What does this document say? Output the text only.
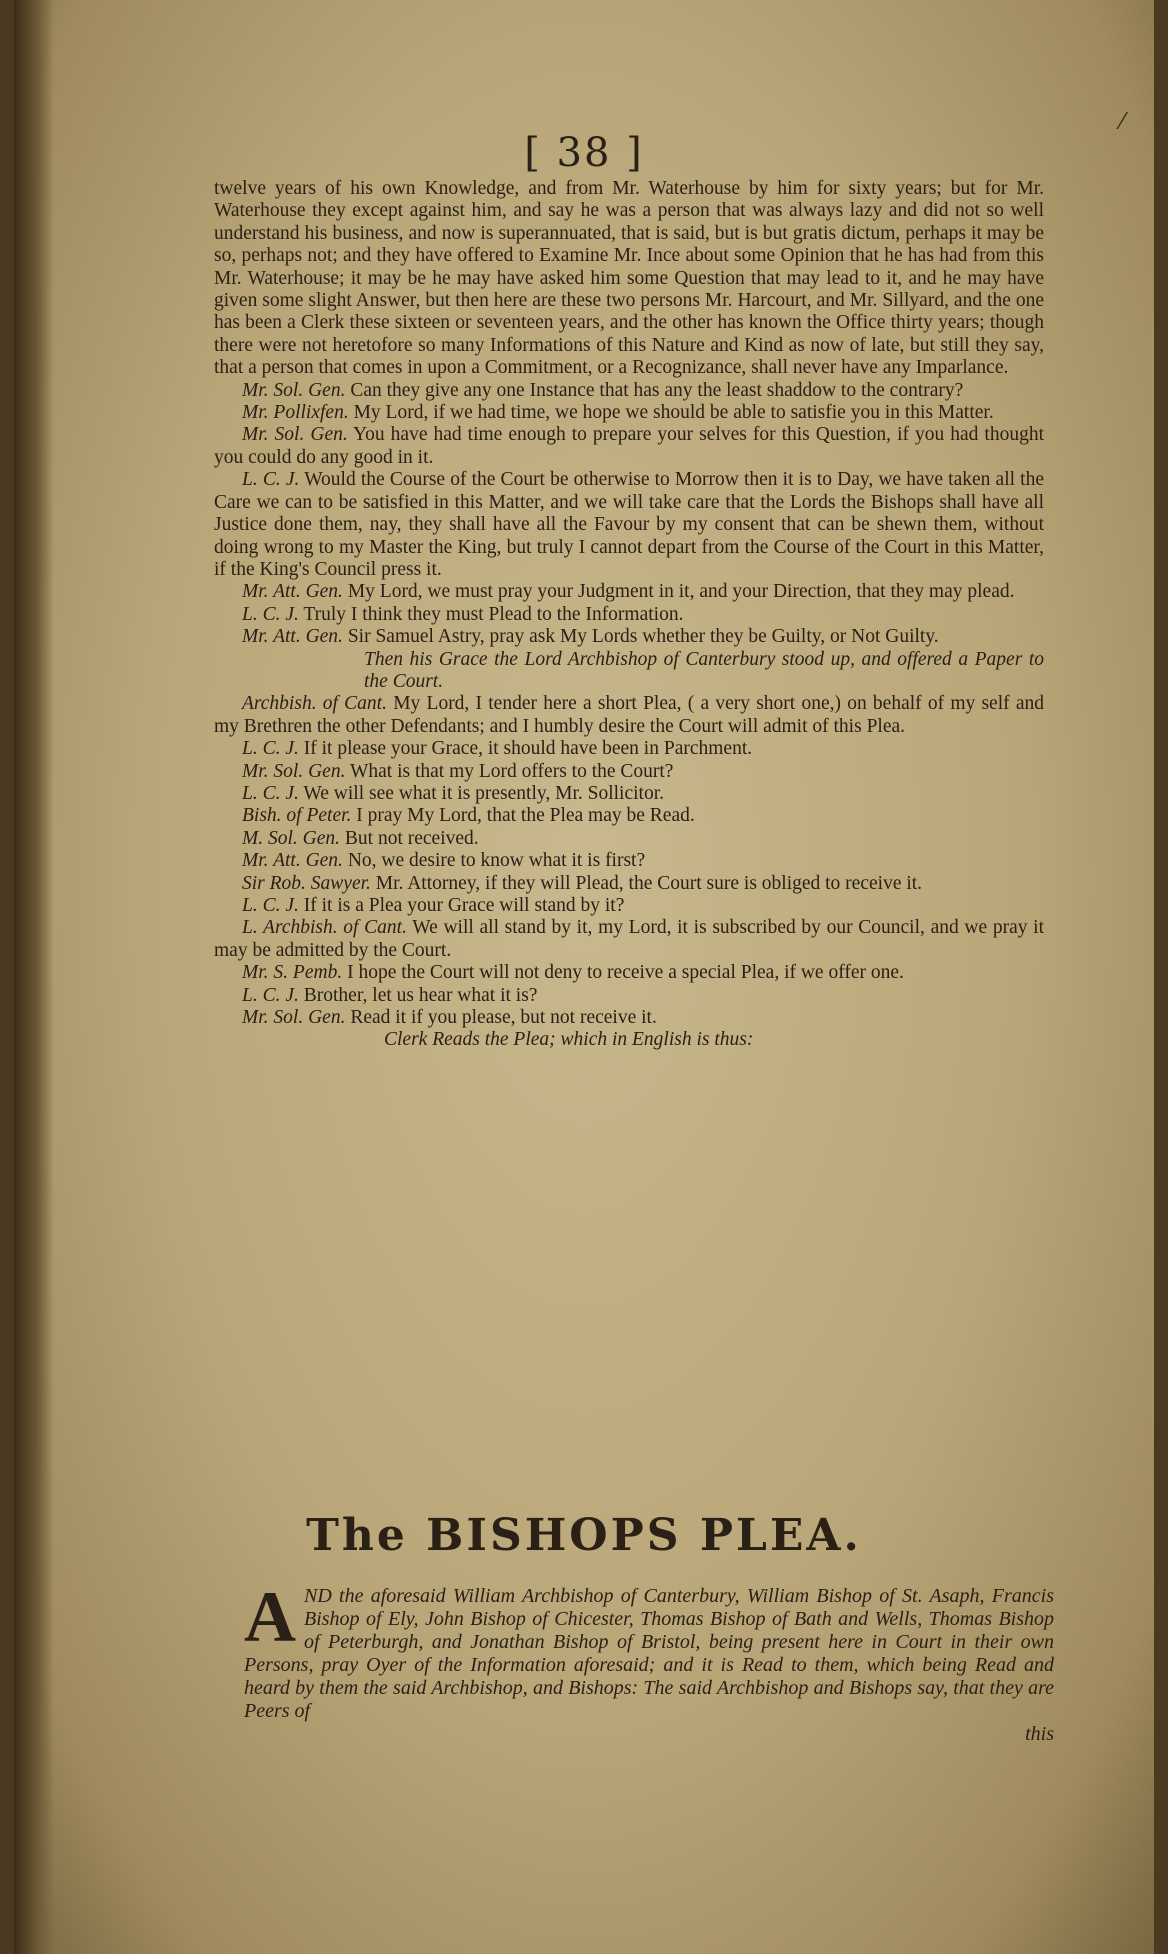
⁄
[ 38 ]

twelve years of his own Knowledge, and from Mr. Waterhouse by him for sixty years; but for Mr. Waterhouse they except against him, and say he was a person that was always lazy and did not so well understand his business, and now is superannuated, that is said, but is but gratis dictum, perhaps it may be so, perhaps not; and they have offered to Examine Mr. Ince about some Opinion that he has had from this Mr. Waterhouse; it may be he may have asked him some Question that may lead to it, and he may have given some slight Answer, but then here are these two persons Mr. Harcourt, and Mr. Sillyard, and the one has been a Clerk these sixteen or seventeen years, and the other has known the Office thirty years; though there were not heretofore so many Informations of this Nature and Kind as now of late, but still they say, that a person that comes in upon a Commitment, or a Recognizance, shall never have any Imparlance.

Mr. Sol. Gen. Can they give any one Instance that has any the least shaddow to the contrary?

Mr. Pollixfen. My Lord, if we had time, we hope we should be able to satisfie you in this Matter.

Mr. Sol. Gen. You have had time enough to prepare your selves for this Question, if you had thought you could do any good in it.

L. C. J. Would the Course of the Court be otherwise to Morrow then it is to Day, we have taken all the Care we can to be satisfied in this Matter, and we will take care that the Lords the Bishops shall have all Justice done them, nay, they shall have all the Favour by my consent that can be shewn them, without doing wrong to my Master the King, but truly I cannot depart from the Course of the Court in this Matter, if the King's Council press it.

Mr. Att. Gen. My Lord, we must pray your Judgment in it, and your Direction, that they may plead.

L. C. J. Truly I think they must Plead to the Information.

Mr. Att. Gen. Sir Samuel Astry, pray ask My Lords whether they be Guilty, or Not Guilty.

Then his Grace the Lord Archbishop of Canterbury stood up, and offered a Paper to the Court.

Archbish. of Cant. My Lord, I tender here a short Plea, ( a very short one,) on behalf of my self and my Brethren the other Defendants; and I humbly desire the Court will admit of this Plea.

L. C. J. If it please your Grace, it should have been in Parchment.

Mr. Sol. Gen. What is that my Lord offers to the Court?

L. C. J. We will see what it is presently, Mr. Sollicitor.

Bish. of Peter. I pray My Lord, that the Plea may be Read.

M. Sol. Gen. But not received.

Mr. Att. Gen. No, we desire to know what it is first?

Sir Rob. Sawyer. Mr. Attorney, if they will Plead, the Court sure is obliged to receive it.

L. C. J. If it is a Plea your Grace will stand by it?

L. Archbish. of Cant. We will all stand by it, my Lord, it is subscribed by our Council, and we pray it may be admitted by the Court.

Mr. S. Pemb. I hope the Court will not deny to receive a special Plea, if we offer one.

L. C. J. Brother, let us hear what it is?

Mr. Sol. Gen. Read it if you please, but not receive it.

Clerk Reads the Plea; which in English is thus:

The BISHOPS PLEA.
A ND the aforesaid William Archbishop of Canterbury, William Bishop of St. Asaph, Francis Bishop of Ely, John Bishop of Chicester, Thomas Bishop of Bath and Wells, Thomas Bishop of Peterburgh, and Jonathan Bishop of Bristol, being present here in Court in their own Persons, pray Oyer of the Information aforesaid; and it is Read to them, which being Read and heard by them the said Archbishop, and Bishops: The said Archbishop and Bishops say, that they are Peers of
this
